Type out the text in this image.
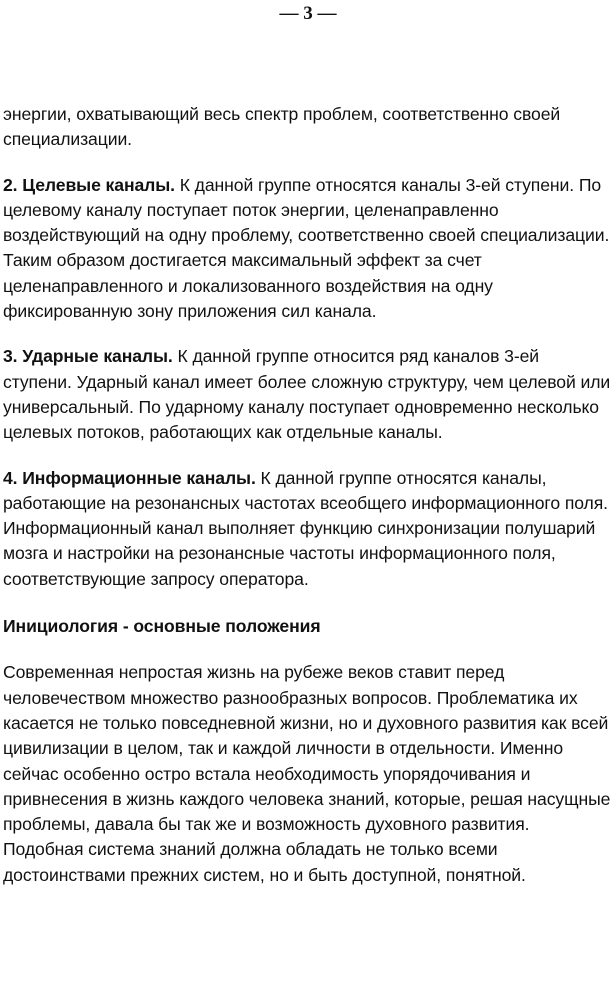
— 3 —

энергии, охватывающий весь спектр проблем, соответственно своей специализации.

2. Целевые каналы. К данной группе относятся каналы 3-ей ступени. По целевому каналу поступает поток энергии, целенаправленно воздействующий на одну проблему, соответственно своей специализации. Таким образом достигается максимальный эффект за счет целенаправленного и локализованного воздействия на одну фиксированную зону приложения сил канала.

3. Ударные каналы. К данной группе относится ряд каналов 3-ей ступени. Ударный канал имеет более сложную структуру, чем целевой или универсальный. По ударному каналу поступает одновременно несколько целевых потоков, работающих как отдельные каналы.

4. Информационные каналы. К данной группе относятся каналы, работающие на резонансных частотах всеобщего информационного поля. Информационный канал выполняет функцию синхронизации полушарий мозга и настройки на резонансные частоты информационного поля, соответствующие запросу оператора.

Инициология - основные положения

Современная непростая жизнь на рубеже веков ставит перед человечеством множество разнообразных вопросов. Проблематика их касается не только повседневной жизни, но и духовного развития как всей цивилизации в целом, так и каждой личности в отдельности. Именно сейчас особенно остро встала необходимость упорядочивания и привнесения в жизнь каждого человека знаний, которые, решая насущные проблемы, давала бы так же и возможность духовного развития. Подобная система знаний должна обладать не только всеми достоинствами прежних систем, но и быть доступной, понятной.
